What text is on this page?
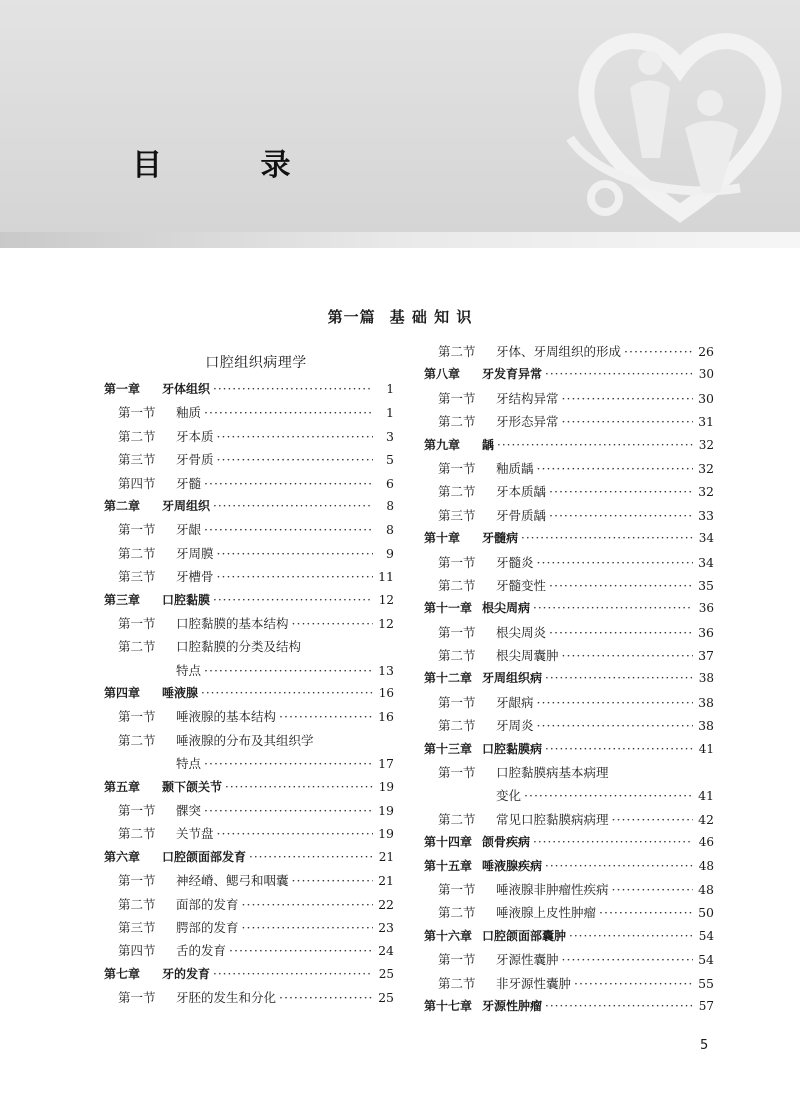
目 录
第一篇 基 础 知 识
口腔组织病理学
第一章	牙体组织 ·····	1
第一节	釉质 ·····	1
第二节	牙本质 ·····	3
第三节	牙骨质 ·····	5
第四节	牙髓 ·····	6
第二章	牙周组织 ·····	8
第一节	牙龈 ·····	8
第二节	牙周膜 ·····	9
第三节	牙槽骨 ·····	11
第三章	口腔黏膜 ·····	12
第一节	口腔黏膜的基本结构 ·····	12
第二节	口腔黏膜的分类及结构
特点 ·····	13
第四章	唾液腺 ·····	16
第一节	唾液腺的基本结构 ·····	16
第二节	唾液腺的分布及其组织学
特点 ·····	17
第五章	颞下颌关节 ·····	19
第一节	髁突 ·····	19
第二节	关节盘 ·····	19
第六章	口腔颌面部发育 ·····	21
第一节	神经嵴、鳃弓和咽囊 ·····	21
第二节	面部的发育 ·····	22
第三节	腭部的发育 ·····	23
第四节	舌的发育 ·····	24
第七章	牙的发育 ·····	25
第一节	牙胚的发生和分化 ·····	25
第二节	牙体、牙周组织的形成 ·····	26
第八章	牙发育异常 ·····	30
第一节	牙结构异常 ·····	30
第二节	牙形态异常 ·····	31
第九章	龋 ·····	32
第一节	釉质龋 ·····	32
第二节	牙本质龋 ·····	32
第三节	牙骨质龋 ·····	33
第十章	牙髓病 ·····	34
第一节	牙髓炎 ·····	34
第二节	牙髓变性 ·····	35
第十一章 根尖周病 ·····	36
第一节	根尖周炎 ·····	36
第二节	根尖周囊肿 ·····	37
第十二章 牙周组织病 ·····	38
第一节	牙龈病 ·····	38
第二节	牙周炎 ·····	38
第十三章 口腔黏膜病 ·····	41
第一节	口腔黏膜病基本病理
变化 ·····	41
第二节	常见口腔黏膜病病理 ·····	42
第十四章 颌骨疾病 ·····	46
第十五章 唾液腺疾病 ·····	48
第一节	唾液腺非肿瘤性疾病 ·····	48
第二节	唾液腺上皮性肿瘤 ·····	50
第十六章 口腔颌面部囊肿 ·····	54
第一节	牙源性囊肿 ·····	54
第二节	非牙源性囊肿 ·····	55
第十七章 牙源性肿瘤 ·····	57
5
